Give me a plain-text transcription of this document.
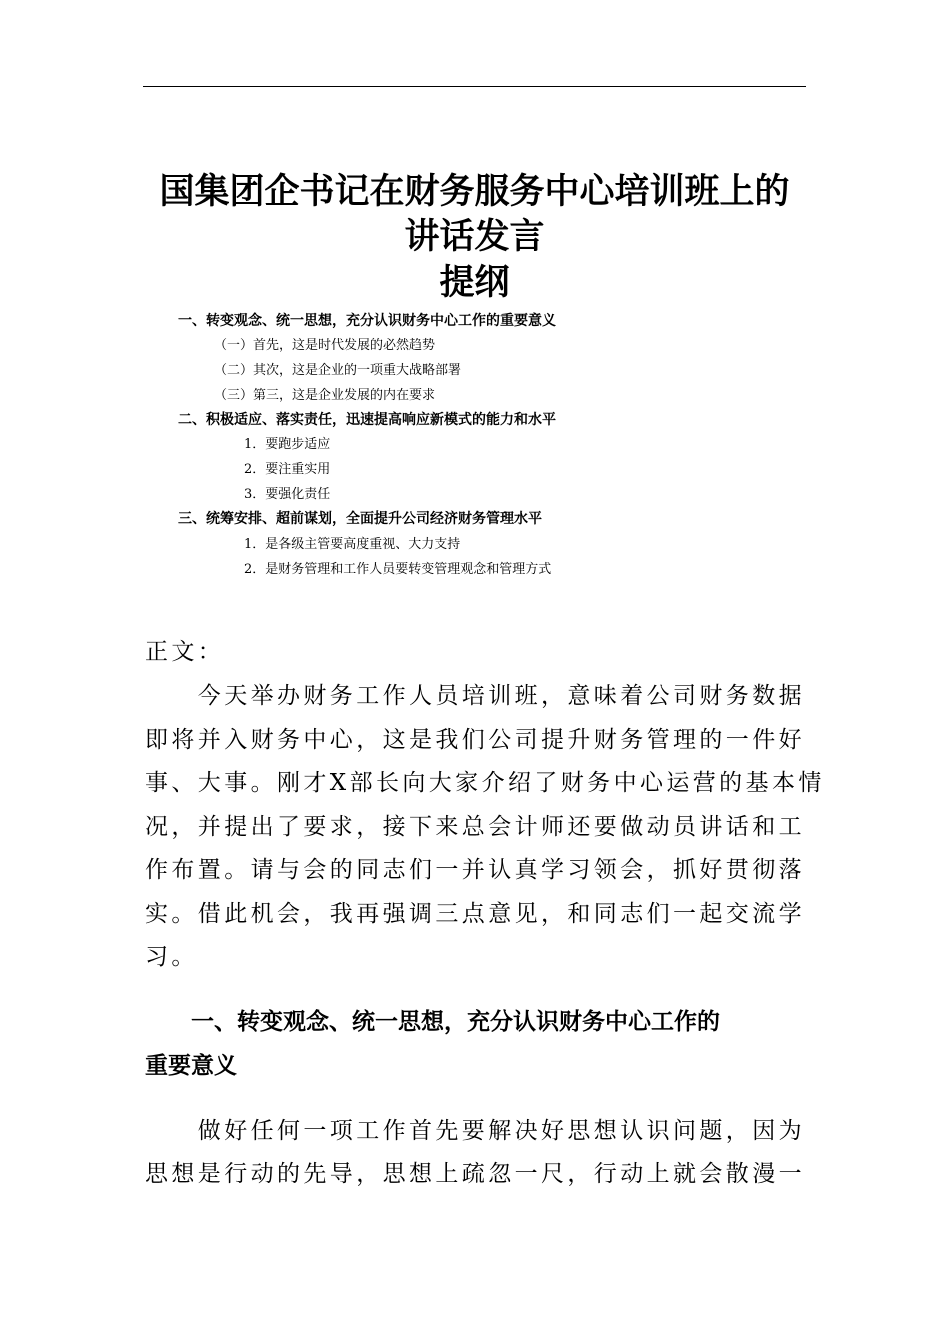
国集团企书记在财务服务中心培训班上的
讲话发言
提纲
一、转变观念、统一思想，充分认识财务中心工作的重要意义
（一）首先，这是时代发展的必然趋势
（二）其次，这是企业的一项重大战略部署
（三）第三，这是企业发展的内在要求
二、积极适应、落实责任，迅速提高响应新模式的能力和水平
1．要跑步适应
2．要注重实用
3．要强化责任
三、统筹安排、超前谋划，全面提升公司经济财务管理水平
1．是各级主管要高度重视、大力支持
2．是财务管理和工作人员要转变管理观念和管理方式
正文：
　　今天举办财务工作人员培训班，意味着公司财务数据
即将并入财务中心，这是我们公司提升财务管理的一件好
事、大事。刚才X部长向大家介绍了财务中心运营的基本情
况，并提出了要求，接下来总会计师还要做动员讲话和工
作布置。请与会的同志们一并认真学习领会，抓好贯彻落
实。借此机会，我再强调三点意见，和同志们一起交流学
习。
　　一、转变观念、统一思想，充分认识财务中心工作的
重要意义
　　做好任何一项工作首先要解决好思想认识问题，因为
思想是行动的先导，思想上疏忽一尺，行动上就会散漫一
